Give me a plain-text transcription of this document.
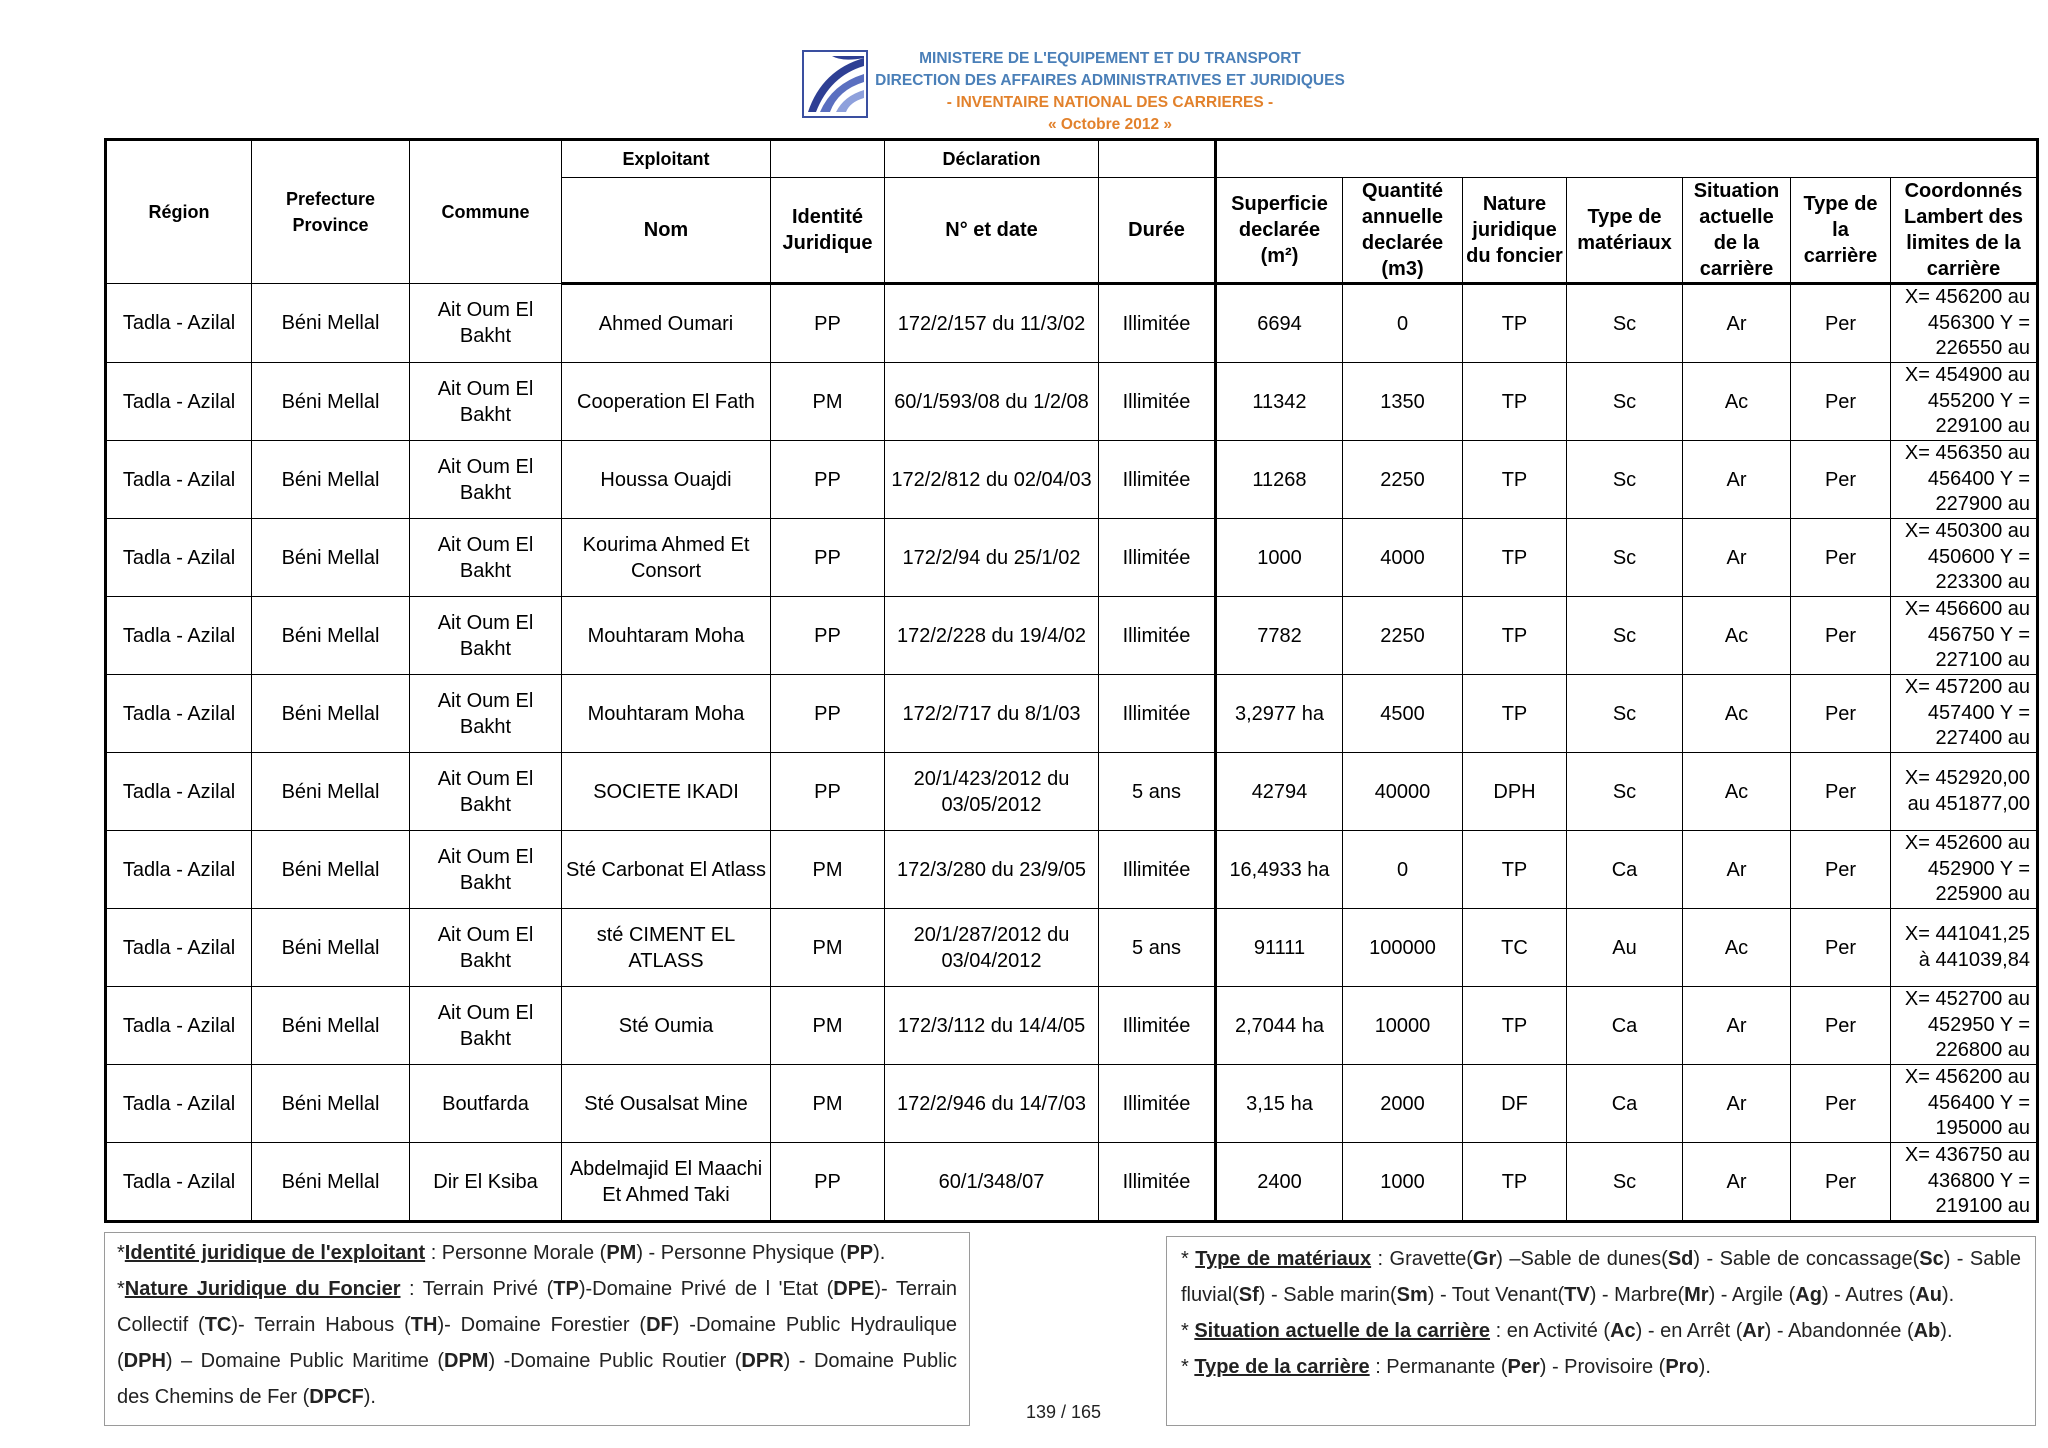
MINISTERE DE L'EQUIPEMENT ET DU TRANSPORT
DIRECTION DES AFFAIRES ADMINISTRATIVES ET JURIDIQUES
- INVENTAIRE NATIONAL DES CARRIERES -
« Octobre 2012 »
Région	Prefecture Province	Commune	Exploitant		Déclaration								
			Nom	Identité Juridique	N° et date	Durée	Superficie declarée (m²)	Quantité annuelle declarée (m3)	Nature juridique du foncier	Type de matériaux	Situation actuelle de la carrière	Type de la carrière	Coordonnés Lambert des limites de la carrière
Tadla - Azilal	Béni Mellal	Ait Oum El Bakht	Ahmed Oumari	PP	172/2/157 du 11/3/02	Illimitée	6694	0	TP	Sc	Ar	Per	X= 456200 au 456300 Y = 226550 au
Tadla - Azilal	Béni Mellal	Ait Oum El Bakht	Cooperation El Fath	PM	60/1/593/08 du 1/2/08	Illimitée	11342	1350	TP	Sc	Ac	Per	X= 454900 au 455200 Y = 229100 au
Tadla - Azilal	Béni Mellal	Ait Oum El Bakht	Houssa Ouajdi	PP	172/2/812 du 02/04/03	Illimitée	11268	2250	TP	Sc	Ar	Per	X= 456350 au 456400 Y = 227900 au
Tadla - Azilal	Béni Mellal	Ait Oum El Bakht	Kourima Ahmed Et Consort	PP	172/2/94 du 25/1/02	Illimitée	1000	4000	TP	Sc	Ar	Per	X= 450300 au 450600 Y = 223300 au
Tadla - Azilal	Béni Mellal	Ait Oum El Bakht	Mouhtaram Moha	PP	172/2/228 du 19/4/02	Illimitée	7782	2250	TP	Sc	Ac	Per	X= 456600 au 456750 Y = 227100 au
Tadla - Azilal	Béni Mellal	Ait Oum El Bakht	Mouhtaram Moha	PP	172/2/717 du 8/1/03	Illimitée	3,2977 ha	4500	TP	Sc	Ac	Per	X= 457200 au 457400 Y = 227400 au
Tadla - Azilal	Béni Mellal	Ait Oum El Bakht	SOCIETE IKADI	PP	20/1/423/2012 du 03/05/2012	5 ans	42794	40000	DPH	Sc	Ac	Per	X= 452920,00 au 451877,00
Tadla - Azilal	Béni Mellal	Ait Oum El Bakht	Sté Carbonat El Atlass	PM	172/3/280 du 23/9/05	Illimitée	16,4933 ha	0	TP	Ca	Ar	Per	X= 452600 au 452900 Y = 225900 au
Tadla - Azilal	Béni Mellal	Ait Oum El Bakht	sté CIMENT EL ATLASS	PM	20/1/287/2012 du 03/04/2012	5 ans	91111	100000	TC	Au	Ac	Per	X= 441041,25 à 441039,84
Tadla - Azilal	Béni Mellal	Ait Oum El Bakht	Sté Oumia	PM	172/3/112 du 14/4/05	Illimitée	2,7044 ha	10000	TP	Ca	Ar	Per	X= 452700 au 452950 Y = 226800 au
Tadla - Azilal	Béni Mellal	Boutfarda	Sté Ousalsat Mine	PM	172/2/946 du 14/7/03	Illimitée	3,15 ha	2000	DF	Ca	Ar	Per	X= 456200 au 456400 Y = 195000 au
Tadla - Azilal	Béni Mellal	Dir El Ksiba	Abdelmajid El Maachi Et Ahmed Taki	PP	60/1/348/07	Illimitée	2400	1000	TP	Sc	Ar	Per	X= 436750 au 436800 Y = 219100 au

*Identité juridique de l'exploitant : Personne Morale (PM) - Personne Physique (PP).

*Nature Juridique du Foncier : Terrain Privé (TP)-Domaine Privé de l 'Etat (DPE)- Terrain Collectif (TC)- Terrain Habous (TH)- Domaine Forestier (DF) -Domaine Public Hydraulique (DPH) – Domaine Public Maritime (DPM) -Domaine Public Routier (DPR) - Domaine Public des Chemins de Fer (DPCF).

* Type de matériaux : Gravette(Gr) –Sable de dunes(Sd) - Sable de concassage(Sc) - Sable fluvial(Sf) - Sable marin(Sm) - Tout Venant(TV) - Marbre(Mr) - Argile (Ag) - Autres (Au).

* Situation actuelle de la carrière : en Activité (Ac) - en Arrêt (Ar) - Abandonnée (Ab).

* Type de la carrière : Permanante (Per) - Provisoire (Pro).

139 / 165
